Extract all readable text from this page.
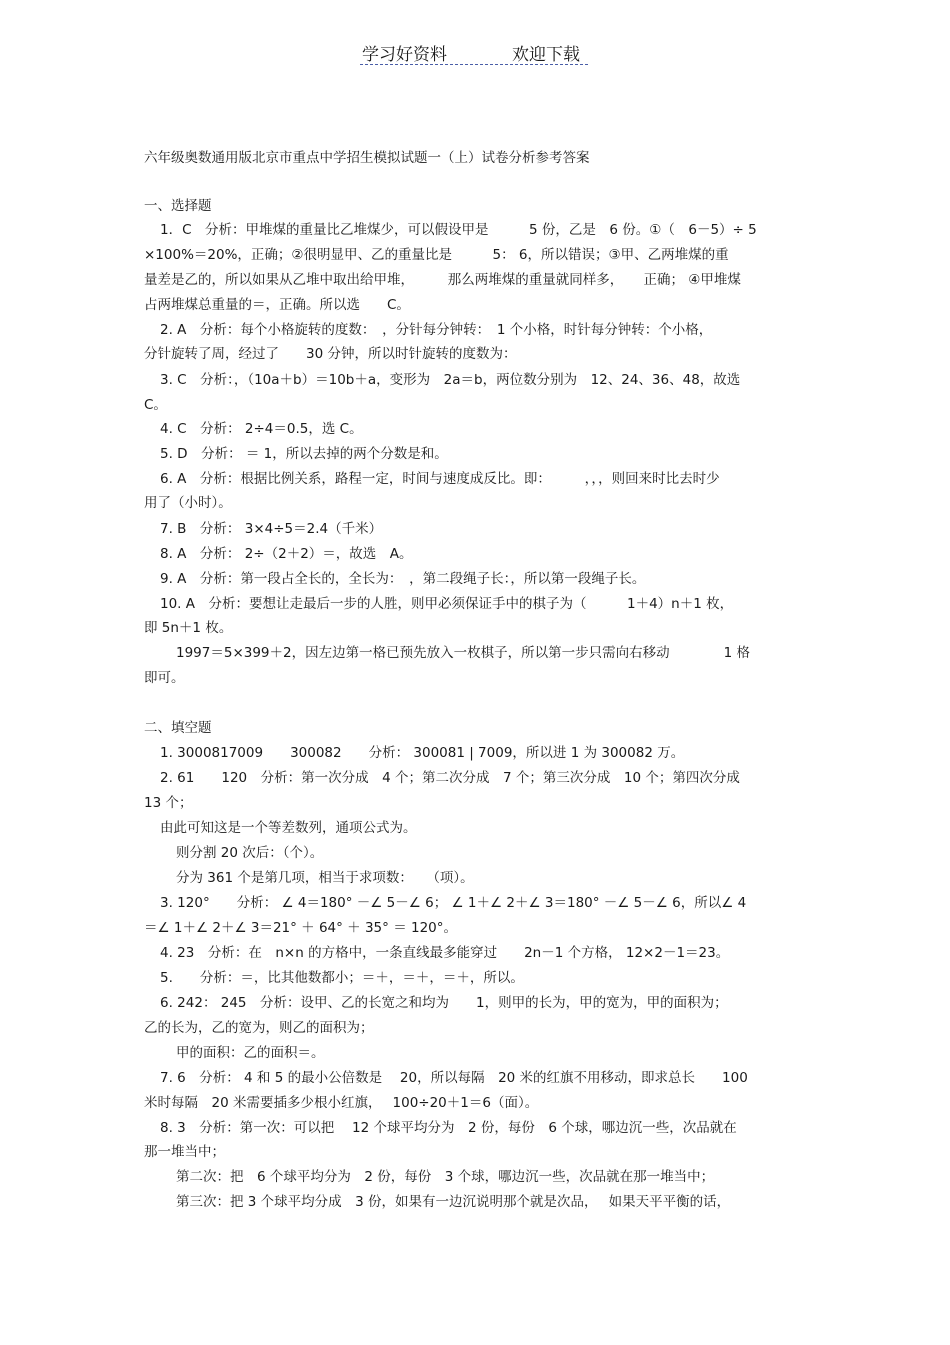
学习好资料	欢迎下载
六年级奥数通用版北京市重点中学招生模拟试题一（上）试卷分析参考答案
一、选择题
1．C　分析：甲堆煤的重量比乙堆煤少，可以假设甲是　　　5 份，乙是　6 份。①（　6－5）÷ 5
×100%＝20%，正确；②很明显甲、乙的重量比是　　　5： 6，所以错误；③甲、乙两堆煤的重
量差是乙的，所以如果从乙堆中取出给甲堆，　　　那么两堆煤的重量就同样多，　　正确； ④甲堆煤
占两堆煤总重量的＝，正确。所以选　　C。
2. A　分析：每个小格旋转的度数：　，分针每分钟转：　1 个小格，时针每分钟转：个小格，
分针旋转了周，经过了　　30 分钟，所以时针旋转的度数为：
3. C　分析：，（10a＋b）＝10b＋a，变形为　2a＝b，两位数分别为　12、24、36、48，故选
C。
4. C　分析： 2÷4＝0.5，选 C。
5. D　分析： ＝ 1，所以去掉的两个分数是和。
6. A　分析：根据比例关系，路程一定，时间与速度成反比。即：　　　，，，则回来时比去时少
用了（小时）。
7. B　分析： 3×4÷5＝2.4（千米）
8. A　分析： 2÷（2＋2）＝，故选　A。
9. A　分析：第一段占全长的，全长为：　，第二段绳子长：，所以第一段绳子长。
10. A　分析：要想让走最后一步的人胜，则甲必须保证手中的棋子为（　　　1＋4）n＋1 枚，
即 5n＋1 枚。
1997＝5×399＋2，因左边第一格已预先放入一枚棋子，所以第一步只需向右移动　　　　1 格
即可。
二、填空题
1. 3000817009　　300082　　分析： 300081 | 7009，所以进 1 为 300082 万。
2. 61　　120　分析：第一次分成　4 个；第二次分成　7 个；第三次分成　10 个；第四次分成
13 个；
由此可知这是一个等差数列，通项公式为。
则分割 20 次后：（个）。
分为 361 个是第几项，相当于求项数：　　（项）。
3. 120°　　分析： ∠ 4＝180° －∠ 5－∠ 6； ∠ 1＋∠ 2＋∠ 3＝180° －∠ 5－∠ 6，所以∠ 4
＝∠ 1＋∠ 2＋∠ 3＝21° ＋ 64° ＋ 35° ＝ 120°。
4. 23　分析：在　n×n 的方格中，一条直线最多能穿过　　2n－1 个方格， 12×2－1＝23。
5.　　分析：＝，比其他数都小；＝＋，＝＋，＝＋，所以。
6. 242： 245　分析：设甲、乙的长宽之和均为　　1，则甲的长为，甲的宽为，甲的面积为；
乙的长为，乙的宽为，则乙的面积为；
甲的面积：乙的面积＝。
7. 6　分析： 4 和 5 的最小公倍数是　 20，所以每隔　20 米的红旗不用移动，即求总长　　100
米时每隔　20 米需要插多少根小红旗，　 100÷20＋1＝6（面）。
8. 3　分析：第一次：可以把　 12 个球平均分为　2 份，每份　6 个球，哪边沉一些，次品就在
那一堆当中；
第二次：把　6 个球平均分为　2 份，每份　3 个球，哪边沉一些，次品就在那一堆当中；
第三次：把 3 个球平均分成　3 份，如果有一边沉说明那个就是次品，　 如果天平平衡的话，
